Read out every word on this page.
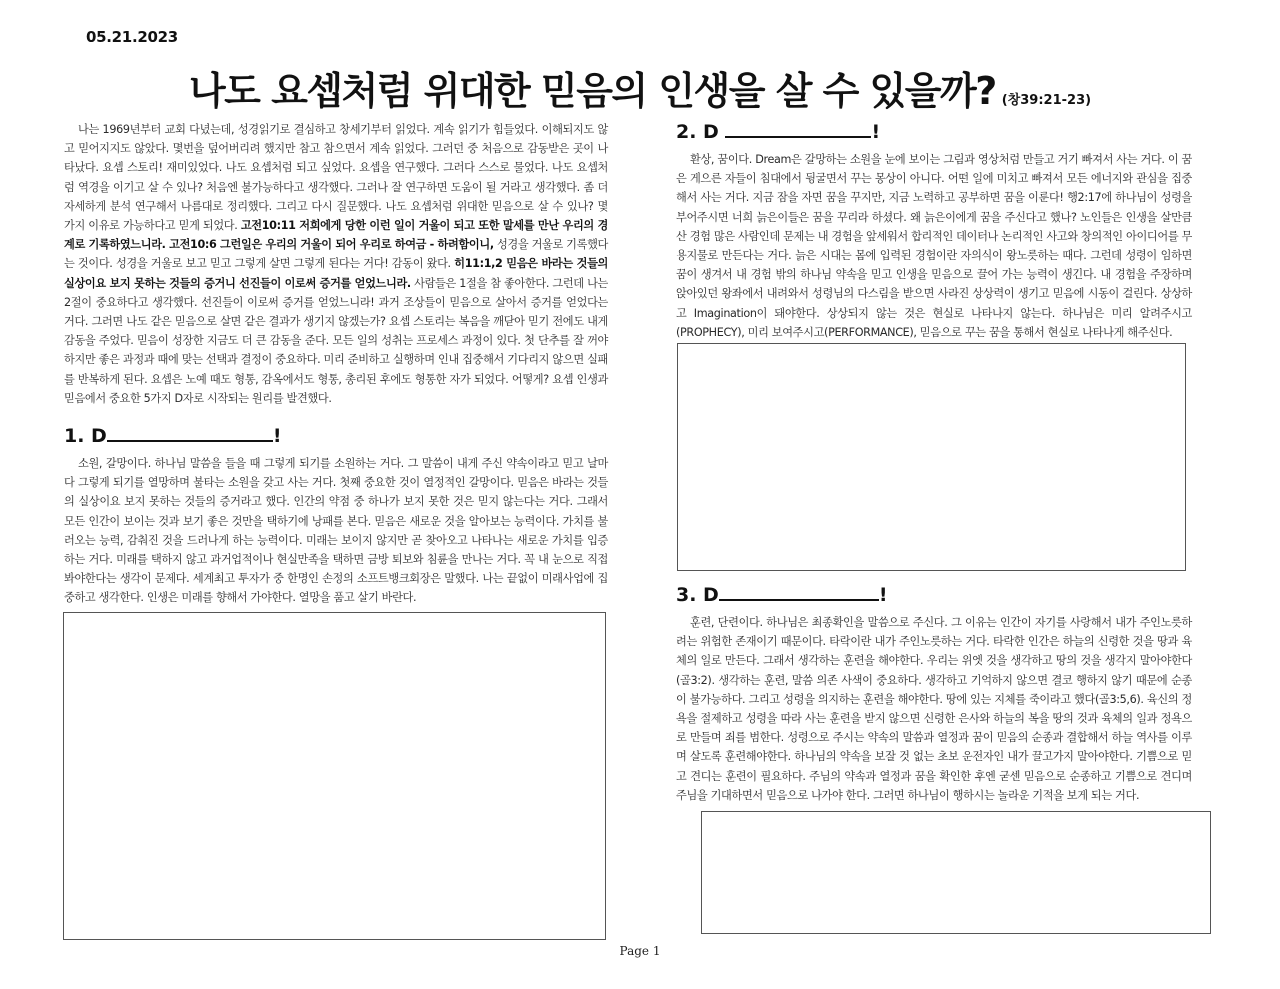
05.21.2023
나도 요셉처럼 위대한 믿음의 인생을 살 수 있을까? (창39:21-23)

나는 1969년부터 교회 다녔는데, 성경읽기로 결심하고 창세기부터 읽었다. 계속 읽기가 힘들었다. 이해되지도 않고 믿어지지도 않았다. 몇번을 덮어버리려 했지만 참고 참으면서 계속 읽었다. 그러던 중 처음으로 감동받은 곳이 나타났다. 요셉 스토리! 재미있었다. 나도 요셉처럼 되고 싶었다. 요셉을 연구했다. 그러다 스스로 물었다. 나도 요셉처럼 역경을 이기고 살 수 있나? 처음엔 불가능하다고 생각했다. 그러나 잘 연구하면 도움이 될 거라고 생각했다. 좀 더 자세하게 분석 연구해서 나름대로 정리했다. 그리고 다시 질문했다. 나도 요셉처럼 위대한 믿음으로 살 수 있나? 몇 가지 이유로 가능하다고 믿게 되었다. 고전10:11 저희에게 당한 이런 일이 거울이 되고 또한 말세를 만난 우리의 경계로 기록하였느니라. 고전10:6 그런일은 우리의 거울이 되어 우리로 하여금 - 하려함이니, 성경을 거울로 기록했다는 것이다. 성경을 거울로 보고 믿고 그렇게 살면 그렇게 된다는 거다! 감동이 왔다. 히11:1,2 믿음은 바라는 것들의 실상이요 보지 못하는 것들의 증거니 선진들이 이로써 증거를 얻었느니라. 사람들은 1절을 참 좋아한다. 그런데 나는 2절이 중요하다고 생각했다. 선진들이 이로써 증거를 얻었느니라! 과거 조상들이 믿음으로 살아서 증거를 얻었다는 거다. 그러면 나도 같은 믿음으로 살면 같은 결과가 생기지 않겠는가? 요셉 스토리는 복음을 깨닫아 믿기 전에도 내게 감동을 주었다. 믿음이 성장한 지금도 더 큰 감동을 준다. 모든 일의 성취는 프로세스 과정이 있다. 첫 단추를 잘 꺼야하지만 좋은 과정과 때에 맞는 선택과 결정이 중요하다. 미리 준비하고 실행하며 인내 집중해서 기다리지 않으면 실패를 반복하게 된다. 요셉은 노예 때도 형통, 감옥에서도 형통, 총리된 후에도 형통한 자가 되었다. 어떻게? 요셉 인생과 믿음에서 중요한 5가지 D자로 시작되는 원리를 발견했다.

1. D	!

소원, 갈망이다. 하나님 말씀을 들을 때 그렇게 되기를 소원하는 거다. 그 말씀이 내게 주신 약속이라고 믿고 날마다 그렇게 되기를 열망하며 불타는 소원을 갖고 사는 거다. 첫째 중요한 것이 열정적인 갈망이다. 믿음은 바라는 것들의 실상이요 보지 못하는 것들의 증거라고 했다. 인간의 약점 중 하나가 보지 못한 것은 믿지 않는다는 거다. 그래서 모든 인간이 보이는 것과 보기 좋은 것만을 택하기에 낭패를 본다. 믿음은 새로운 것을 알아보는 능력이다. 가치를 불러오는 능력, 감춰진 것을 드러나게 하는 능력이다. 미래는 보이지 않지만 곧 찾아오고 나타나는 새로운 가치를 입증하는 거다. 미래를 택하지 않고 과거업적이나 현실만족을 택하면 금방 퇴보와 침륜을 만나는 거다. 꼭 내 눈으로 직접 봐야한다는 생각이 문제다. 세계최고 투자가 중 한명인 손정의 소프트뱅크회장은 말했다. 나는 끝없이 미래사업에 집중하고 생각한다. 인생은 미래를 향해서 가야한다. 열망을 품고 살기 바란다.

2. D	!

환상, 꿈이다. Dream은 갈망하는 소원을 눈에 보이는 그림과 영상처럼 만들고 거기 빠져서 사는 거다. 이 꿈은 게으른 자들이 침대에서 뒹굴면서 꾸는 몽상이 아니다. 어떤 일에 미치고 빠져서 모든 에너지와 관심을 집중해서 사는 거다. 지금 잠을 자면 꿈을 꾸지만, 지금 노력하고 공부하면 꿈을 이룬다! 행2:17에 하나님이 성령을 부어주시면 너희 늙은이들은 꿈을 꾸리라 하셨다. 왜 늙은이에게 꿈을 주신다고 했나? 노인들은 인생을 살만큼 산 경험 많은 사람인데 문제는 내 경험을 앞세워서 합리적인 데이터나 논리적인 사고와 창의적인 아이디어를 무용지물로 만든다는 거다. 늙은 시대는 몸에 입력된 경험이란 자의식이 왕노릇하는 때다. 그런데 성령이 임하면 꿈이 생겨서 내 경험 밖의 하나님 약속을 믿고 인생을 믿음으로 끌어 가는 능력이 생긴다. 내 경험을 주장하며 앉아있던 왕좌에서 내려와서 성령님의 다스림을 받으면 사라진 상상력이 생기고 믿음에 시동이 걸린다. 상상하고 Imagination이 돼야한다. 상상되지 않는 것은 현실로 나타나지 않는다. 하나님은 미리 알려주시고(PROPHECY), 미리 보여주시고(PERFORMANCE), 믿음으로 꾸는 꿈을 통해서 현실로 나타나게 해주신다.

3. D	!

훈련, 단련이다. 하나님은 최종확인을 말씀으로 주신다. 그 이유는 인간이 자기를 사랑해서 내가 주인노릇하려는 위험한 존재이기 때문이다. 타락이란 내가 주인노릇하는 거다. 타락한 인간은 하늘의 신령한 것을 땅과 육체의 일로 만든다. 그래서 생각하는 훈련을 해야한다. 우리는 위엣 것을 생각하고 땅의 것을 생각지 말아야한다(골3:2). 생각하는 훈련, 말씀 의존 사색이 중요하다. 생각하고 기억하지 않으면 결코 행하지 않기 때문에 순종이 불가능하다. 그리고 성령을 의지하는 훈련을 해야한다. 땅에 있는 지체를 죽이라고 했다(골3:5,6). 육신의 정욕을 절제하고 성령을 따라 사는 훈련을 받지 않으면 신령한 은사와 하늘의 복을 땅의 것과 육체의 일과 정욕으로 만들며 죄를 범한다. 성령으로 주시는 약속의 말씀과 열정과 꿈이 믿음의 순종과 결합해서 하늘 역사를 이루며 살도록 훈련해야한다. 하나님의 약속을 보잘 것 없는 초보 운전자인 내가 끌고가지 말아야한다. 기쁨으로 믿고 견디는 훈련이 필요하다. 주님의 약속과 열정과 꿈을 확인한 후엔 굳센 믿음으로 순종하고 기쁨으로 견디며 주님을 기대하면서 믿음으로 나가야 한다. 그러면 하나님이 행하시는 놀라운 기적을 보게 되는 거다.

Page 1
